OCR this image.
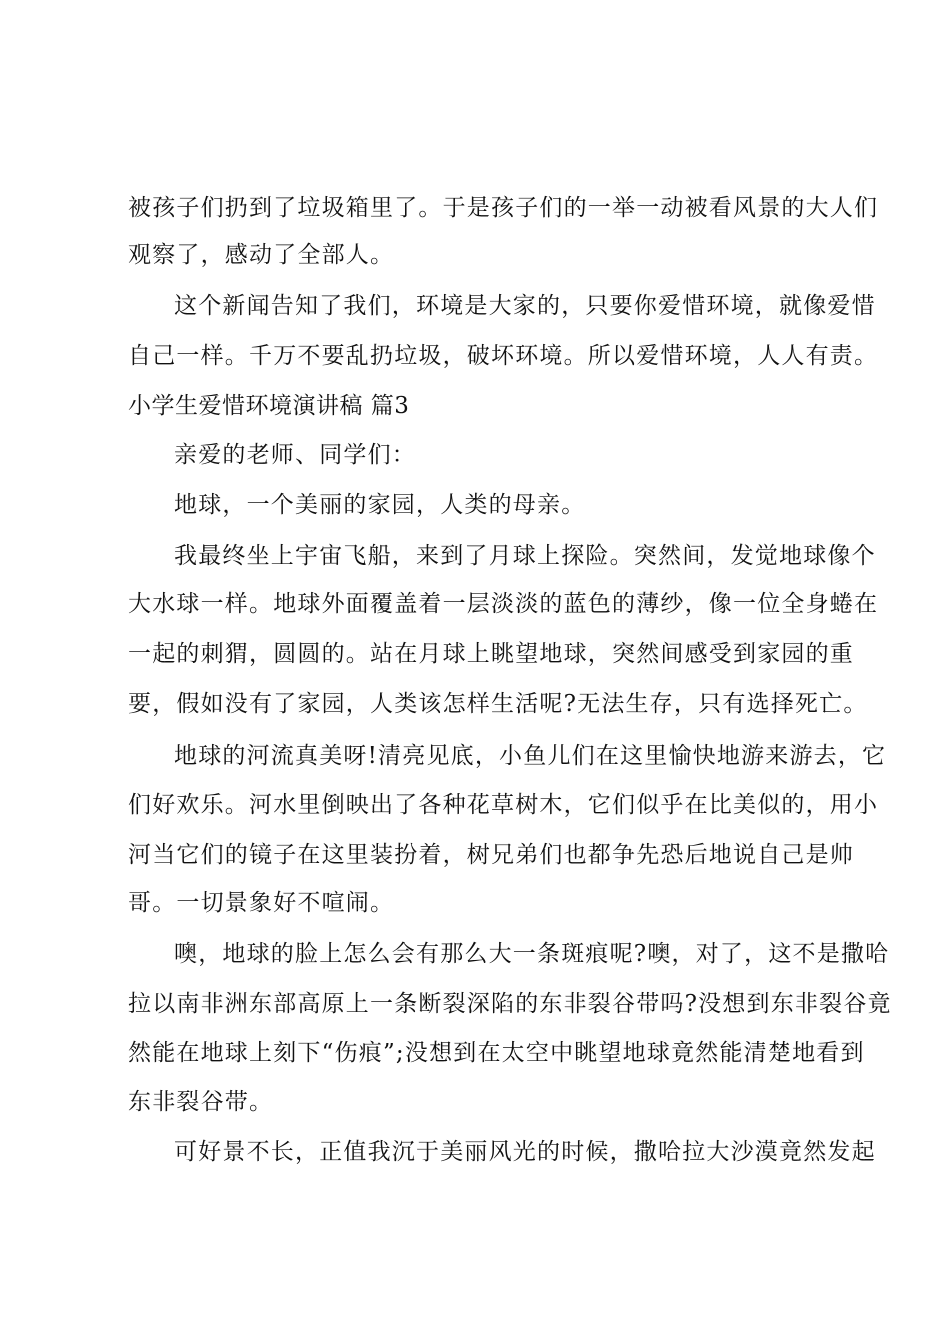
被孩子们扔到了垃圾箱里了。于是孩子们的一举一动被看风景的大人们
观察了，感动了全部人。
这个新闻告知了我们，环境是大家的，只要你爱惜环境，就像爱惜
自己一样。千万不要乱扔垃圾，破坏环境。所以爱惜环境，人人有责。
小学生爱惜环境演讲稿 篇3
亲爱的老师、同学们：
地球，一个美丽的家园，人类的母亲。
我最终坐上宇宙飞船，来到了月球上探险。突然间，发觉地球像个
大水球一样。地球外面覆盖着一层淡淡的蓝色的薄纱，像一位全身蜷在
一起的刺猬，圆圆的。站在月球上眺望地球，突然间感受到家园的重
要，假如没有了家园，人类该怎样生活呢?无法生存，只有选择死亡。
地球的河流真美呀!清亮见底，小鱼儿们在这里愉快地游来游去，它
们好欢乐。河水里倒映出了各种花草树木，它们似乎在比美似的，用小
河当它们的镜子在这里装扮着，树兄弟们也都争先恐后地说自己是帅
哥。一切景象好不喧闹。
噢，地球的脸上怎么会有那么大一条斑痕呢?噢，对了，这不是撒哈
拉以南非洲东部高原上一条断裂深陷的东非裂谷带吗?没想到东非裂谷竟
然能在地球上刻下“伤痕”;没想到在太空中眺望地球竟然能清楚地看到
东非裂谷带。
可好景不长，正值我沉于美丽风光的时候，撒哈拉大沙漠竟然发起
